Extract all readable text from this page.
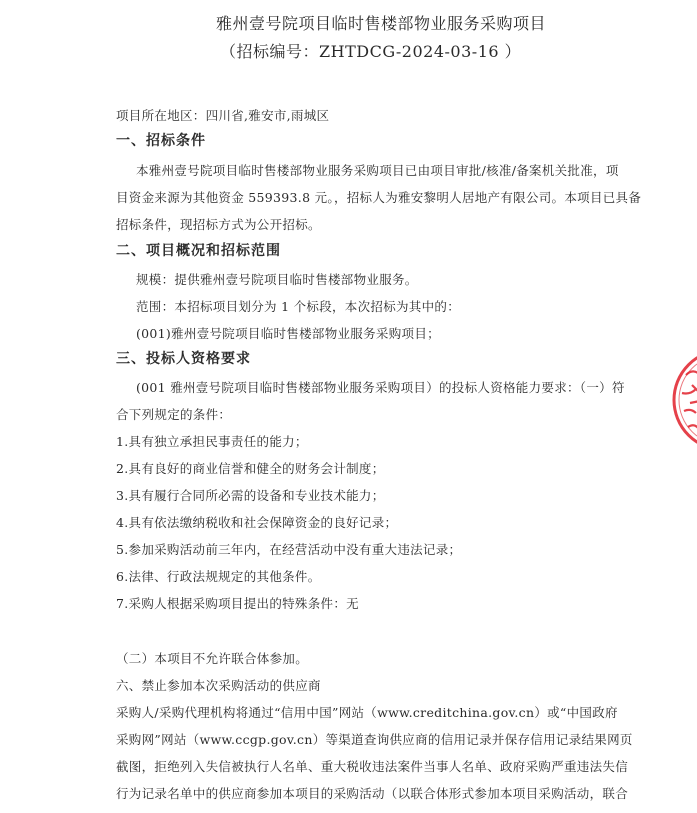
雅州壹号院项目临时售楼部物业服务采购项目
（招标编号：ZHTDCG-2024-03-16 ）
项目所在地区：四川省,雅安市,雨城区
一、招标条件
本雅州壹号院项目临时售楼部物业服务采购项目已由项目审批/核准/备案机关批准，项
目资金来源为其他资金 559393.8 元。，招标人为雅安黎明人居地产有限公司。本项目已具备
招标条件，现招标方式为公开招标。
二、项目概况和招标范围
规模：提供雅州壹号院项目临时售楼部物业服务。
范围：本招标项目划分为 1 个标段，本次招标为其中的：
(001)雅州壹号院项目临时售楼部物业服务采购项目；
三、投标人资格要求
(001 雅州壹号院项目临时售楼部物业服务采购项目）的投标人资格能力要求：（一）符
合下列规定的条件：
1.具有独立承担民事责任的能力；
2.具有良好的商业信誉和健全的财务会计制度；
3.具有履行合同所必需的设备和专业技术能力；
4.具有依法缴纳税收和社会保障资金的良好记录；
5.参加采购活动前三年内，在经营活动中没有重大违法记录；
6.法律、行政法规规定的其他条件。
7.采购人根据采购项目提出的特殊条件：无
（二）本项目不允许联合体参加。
六、禁止参加本次采购活动的供应商
采购人/采购代理机构将通过“信用中国”网站（www.creditchina.gov.cn）或“中国政府
采购网”网站（www.ccgp.gov.cn）等渠道查询供应商的信用记录并保存信用记录结果网页
截图，拒绝列入失信被执行人名单、重大税收违法案件当事人名单、政府采购严重违法失信
行为记录名单中的供应商参加本项目的采购活动（以联合体形式参加本项目采购活动，联合
